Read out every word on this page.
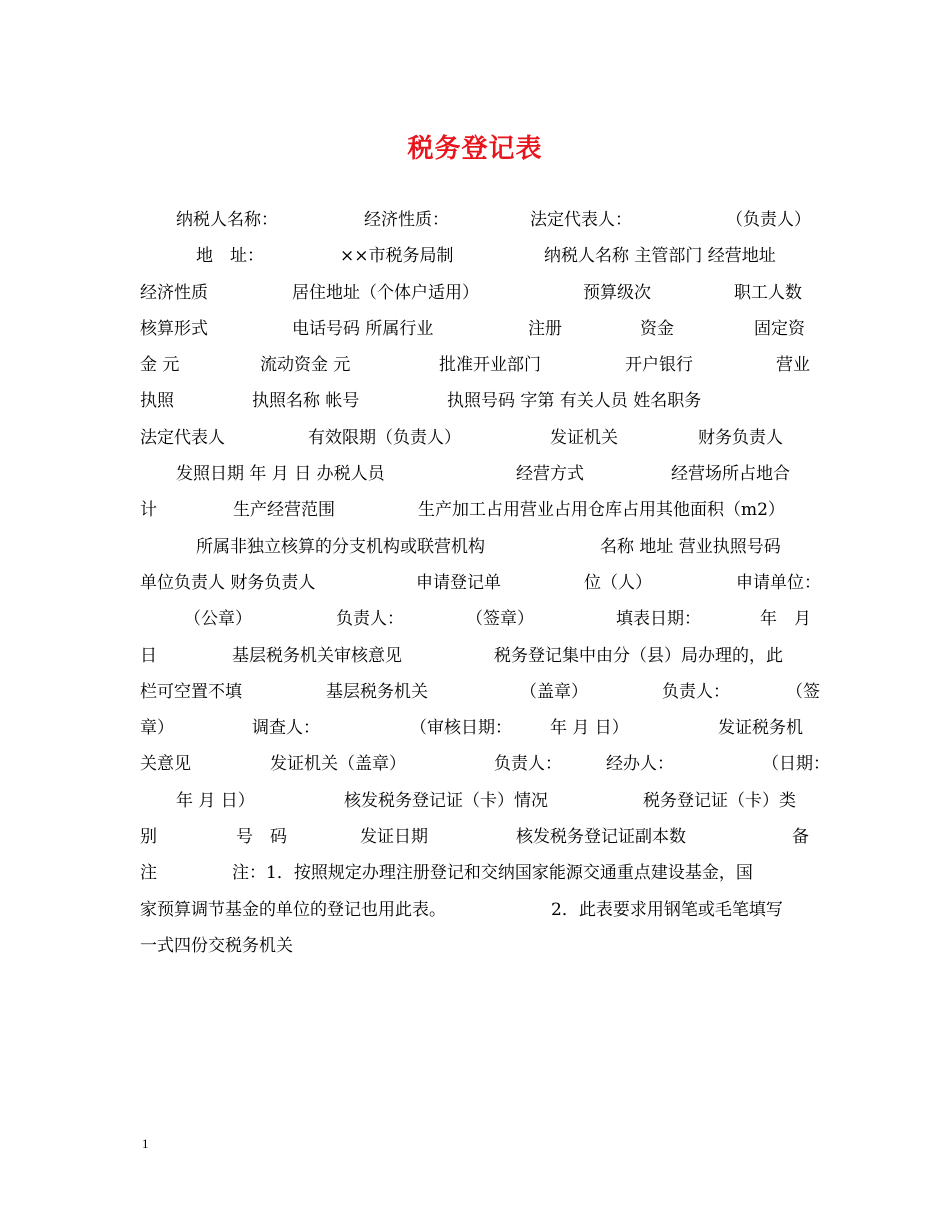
税务登记表
纳税人名称：	经济性质：	法定代表人：	（负责人）
地　址：	××市税务局制	纳税人名称 主管部门 经营地址
经济性质	居住地址（个体户适用）	预算级次	职工人数
核算形式	电话号码 所属行业	注册	资金	固定资
金 元	流动资金 元	批准开业部门	开户银行	营业
执照	执照名称 帐号	执照号码 字第 有关人员 姓名职务
法定代表人	有效限期（负责人）	发证机关	财务负责人
发照日期 年 月 日 办税人员	经营方式	经营场所占地合
计	生产经营范围	生产加工占用营业占用仓库占用其他面积（m2）
所属非独立核算的分支机构或联营机构	名称 地址 营业执照号码
单位负责人 财务负责人	申请登记单	位（人）	申请单位：
（公章）	负责人：	（签章）	填表日期：	年　月
日	基层税务机关审核意见	税务登记集中由分（县）局办理的，此
栏可空置不填	基层税务机关	（盖章）	负责人：	（签
章）	调查人：	（审核日期： 年 月 日）	发证税务机
关意见	发证机关（盖章）	负责人：	经办人：	（日期：
年 月 日）	核发税务登记证（卡）情况	税务登记证（卡）类
别	号　码	发证日期	核发税务登记证副本数	备
注	注：1．按照规定办理注册登记和交纳国家能源交通重点建设基金，国
家预算调节基金的单位的登记也用此表。	2．此表要求用钢笔或毛笔填写
一式四份交税务机关
1
